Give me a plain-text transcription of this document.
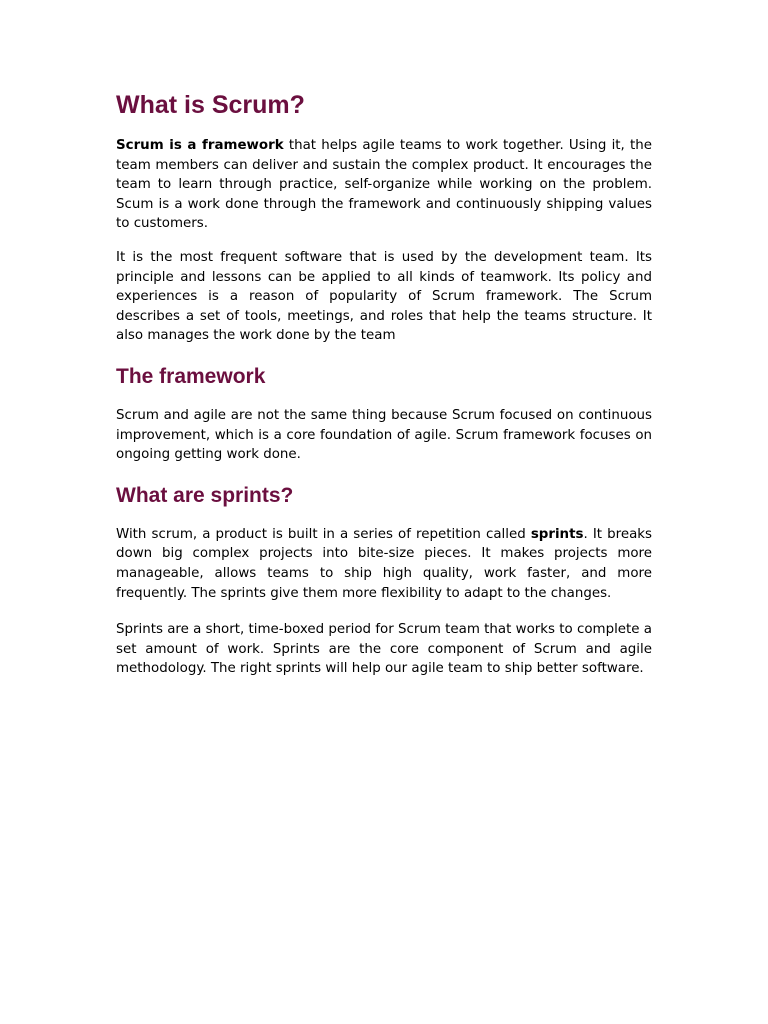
What is Scrum?

Scrum is a framework that helps agile teams to work together. Using it, the team members can deliver and sustain the complex product. It encourages the team to learn through practice, self-organize while working on the problem. Scum is a work done through the framework and continuously shipping values to customers.

It is the most frequent software that is used by the development team. Its principle and lessons can be applied to all kinds of teamwork. Its policy and experiences is a reason of popularity of Scrum framework. The Scrum describes a set of tools, meetings, and roles that help the teams structure. It also manages the work done by the team

The framework

Scrum and agile are not the same thing because Scrum focused on continuous improvement, which is a core foundation of agile. Scrum framework focuses on ongoing getting work done.

What are sprints?

With scrum, a product is built in a series of repetition called sprints. It breaks down big complex projects into bite-size pieces. It makes projects more manageable, allows teams to ship high quality, work faster, and more frequently. The sprints give them more flexibility to adapt to the changes.

Sprints are a short, time-boxed period for Scrum team that works to complete a set amount of work. Sprints are the core component of Scrum and agile methodology. The right sprints will help our agile team to ship better software.
